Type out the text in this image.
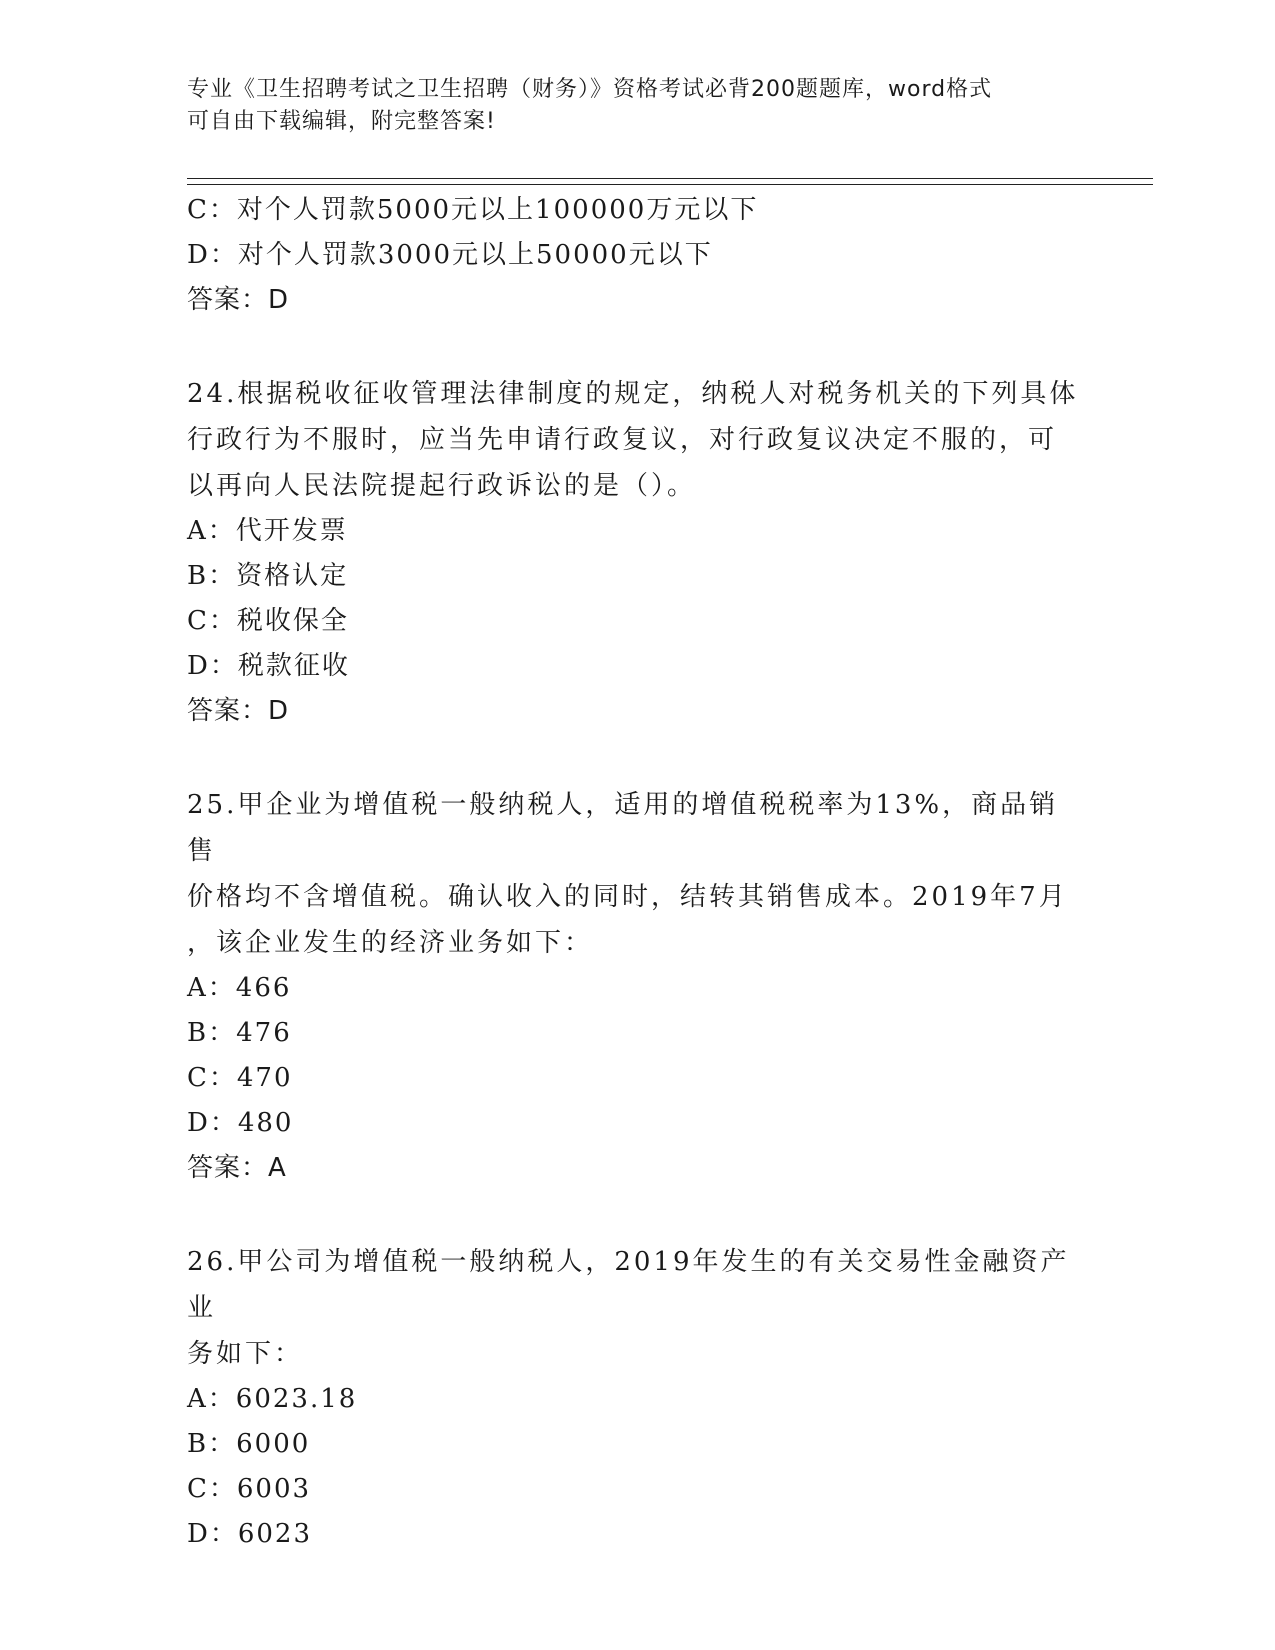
专业《卫生招聘考试之卫生招聘（财务）》资格考试必背200题题库，word格式
可自由下载编辑，附完整答案!
C：对个人罚款5000元以上100000万元以下
D：对个人罚款3000元以上50000元以下
答案：D
24.根据税收征收管理法律制度的规定，纳税人对税务机关的下列具体
行政行为不服时，应当先申请行政复议，对行政复议决定不服的，可
以再向人民法院提起行政诉讼的是（）。
A：代开发票
B：资格认定
C：税收保全
D：税款征收
答案：D
25.甲企业为增值税一般纳税人，适用的增值税税率为13%，商品销售
价格均不含增值税。确认收入的同时，结转其销售成本。2019年7月
，该企业发生的经济业务如下：
A：466
B：476
C：470
D：480
答案：A
26.甲公司为增值税一般纳税人，2019年发生的有关交易性金融资产业
务如下：
A：6023.18
B：6000
C：6003
D：6023
